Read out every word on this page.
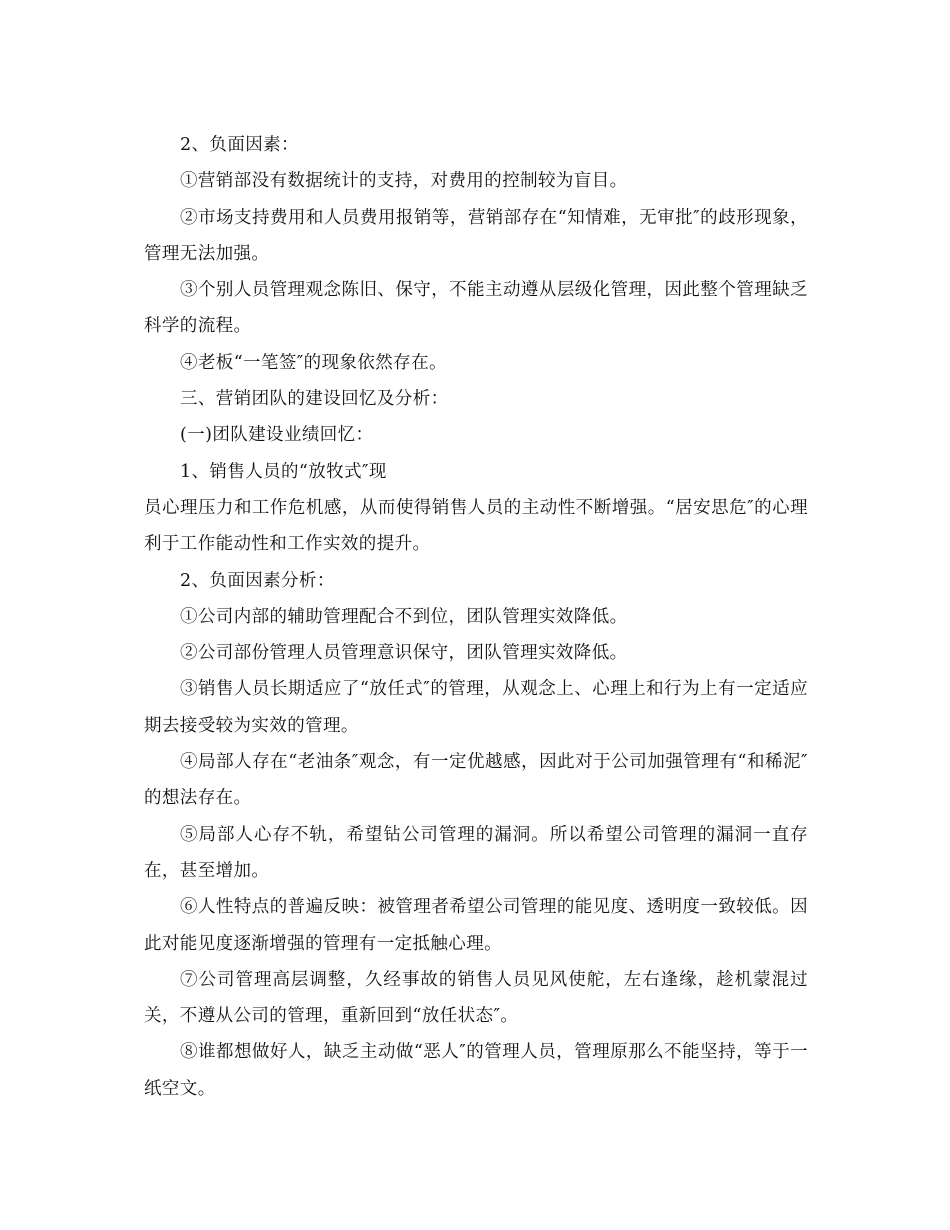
2、负面因素：

①营销部没有数据统计的支持，对费用的控制较为盲目。

②市场支持费用和人员费用报销等，营销部存在“知情难，无审批″的歧形现象，管理无法加强。

③个别人员管理观念陈旧、保守，不能主动遵从层级化管理，因此整个管理缺乏科学的流程。

④老板“一笔签″的现象依然存在。

三、营销团队的建设回忆及分析：

(一)团队建设业绩回忆：

1、销售人员的“放牧式″现

员心理压力和工作危机感，从而使得销售人员的主动性不断增强。“居安思危″的心理利于工作能动性和工作实效的提升。

2、负面因素分析：

①公司内部的辅助管理配合不到位，团队管理实效降低。

②公司部份管理人员管理意识保守，团队管理实效降低。

③销售人员长期适应了“放任式″的管理，从观念上、心理上和行为上有一定适应期去接受较为实效的管理。

④局部人存在“老油条″观念，有一定优越感，因此对于公司加强管理有“和稀泥″的想法存在。

⑤局部人心存不轨，希望钻公司管理的漏洞。所以希望公司管理的漏洞一直存在，甚至增加。

⑥人性特点的普遍反映：被管理者希望公司管理的能见度、透明度一致较低。因此对能见度逐渐增强的管理有一定抵触心理。

⑦公司管理高层调整，久经事故的销售人员见风使舵，左右逢缘，趁机蒙混过关，不遵从公司的管理，重新回到“放任状态″。

⑧谁都想做好人，缺乏主动做“恶人″的管理人员，管理原那么不能坚持，等于一纸空文。
